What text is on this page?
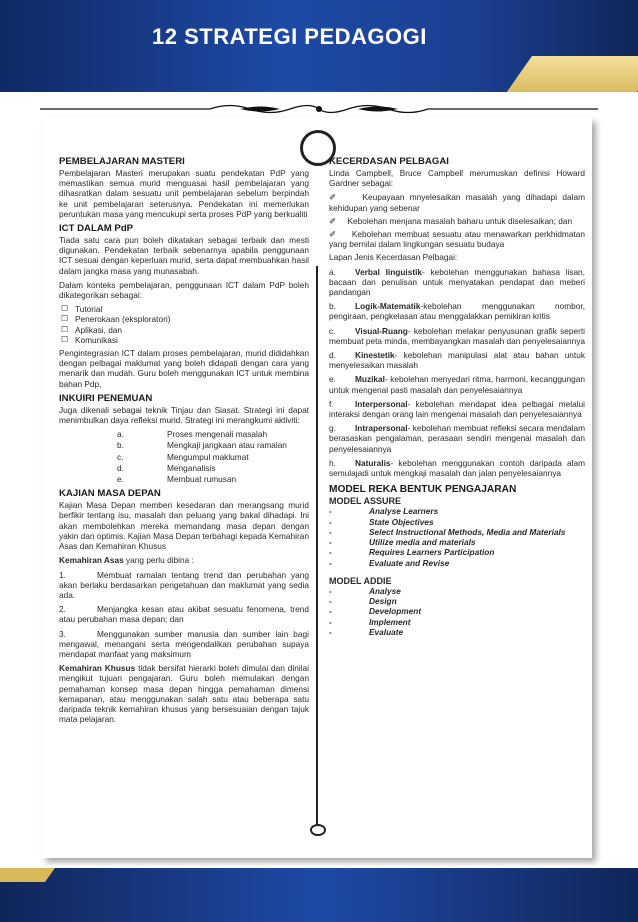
12 STRATEGI PEDAGOGI
PEMBELAJARAN MASTERI
Pembelajaran Masteri merupakan suatu pendekatan PdP yang memastikan semua murid menguasai hasil pembelajaran yang dihasratkan dalam sesuatu unit pembelajaran sebelum berpindah ke unit pembelajaran seterusnya. Pendekatan ini memerlukan peruntukan masa yang mencukupi serta proses PdP yang berkualiti
ICT DALAM PdP
Tiada satu cara pun boleh dikatakan sebagai terbaik dan mesti digunakan. Pendekatan terbaik sebenarnya apabila penggunaan ICT sesuai dengan keperluan murid, serta dapat membuahkan hasil dalam jangka masa yang munasabah.
Dalam konteks pembelajaran, penggunaan ICT dalam PdP boleh dikategorikan sebagai:
☐ Tutorial
☐ Penerokaan (eksploratori)
☐ Aplikasi, dan
☐ Komunikasi
Pengintegrasian ICT dalam proses pembelajaran, murid dididahkan dengan pelbagai maklumat yang boleh didapati dengan cara yang menarik dan mudah. Guru boleh menggunakan ICT untuk membina bahan Pdp,
INKUIRI PENEMUAN
Juga dikenali sebagai teknik Tinjau dan Siasat. Strategi ini dapat menimbulkan daya refleksi murid. Strategi ini merangkumi aktiviti:
a.	Proses mengenali masalah
b.	Mengkaji jangkaan atau ramalan
c.	Mengumpul maklumat
d.	Menganalisis
e.	Membuat rumusan
KAJIAN MASA DEPAN
Kajian Masa Depan memberi kesedaran dan merangsang murid berfikir tentang isu, masalah dan peluang yang bakal dihadapi. Ini akan membolehkan mereka memandang masa depan dengan yakin dan optimis. Kajian Masa Depan terbahagi kepada Kemahiran Asas dan Kemahiran Khusus
Kemahiran Asas yang perlu dibina :
1.	Membuat ramalan tentang trend dan perubahan yang akan berlaku berdasarkan pengetahuan dan maklumat yang sedia ada.
2.	Menjangka kesan atau akibat sesuatu fenomena, trend atau perubahan masa depan; dan
3.	Menggunakan sumber manusia dan sumber lain bagi mengawal, menangani serta mengendalikan perubahan supaya mendapat manfaat yang maksimum
Kemahiran Khusus tidak bersifat hierarki boleh dimulai dan dinilai mengikut tujuan pengajaran. Guru boleh memulakan dengan pemahaman konsep masa depan hingga pemahaman dimensi kemapanan, atau menggunakan salah satu atau beberapa satu daripada teknik kemahiran khusus yang bersesuaian dengan tajuk mata pelajaran.
KECERDASAN PELBAGAI
Linda Campbell, Bruce Campbell merumuskan definisi Howard Gardner sebagai:
✐     Keupayaan mnyelesaikan masalah yang dihadapi dalam kehidupan yang sebenar
✐     Kebolehan menjana masalah baharu untuk diselesaikan; dan
✐     Kebolehan membuat sesuatu atau menawarkan perkhidmatan yang bernilai dalam lingkungan sesuatu budaya
Lapan Jenis Kecerdasan Pelbagai:
a. Verbal linguistik- kebolehan menggunakan bahasa lisan, bacaan dan penulisan untuk menyatakan pendapat dan meberi pandangan
b. Logik-Matematik-kebolehan menggunakan nombor, pengiraan, pengkelasan atau menggalakkan pemikiran kritis
c. Visual-Ruang- kebolehan melakar penyusunan grafik seperti membuat peta minda, membayangkan masalah dan penyelesaiannya
d. Kinestetik- kebolehan manipulasi alat atau bahan untuk menyelesaikan masalah
e. Muzikal- kebolehan menyedari ritma, harmoni, kecanggungan untuk mengenal pasti masalah dan penyelesaiannya
f.	Interpersonal- kebolehan mendapat idea pelbagai melalui interaksi dengan orang lain mengenai masalah dan penyelesaiannya
g. Intrapersonal- kebolehan membuat refleksi secara mendalam berasaskan pengalaman, perasaan sendiri mengenai masalah dan penyelesaiannya
h. Naturalis- kebolehan menggunakan contoh daripada alam semulajadi untuk mengkaji masalah dan jalan penyelesaiannya
MODEL REKA BENTUK PENGAJARAN
MODEL ASSURE
-	Analyse Learners
-	State Objectives
-	Select Instructional Methods, Media and Materials
-	Utilize media and materials
-	Requires Learners Participation
-	Evaluate and Revise
MODEL ADDIE
-	Analyse
-	Design
-	Development
-	Implement
-	Evaluate
